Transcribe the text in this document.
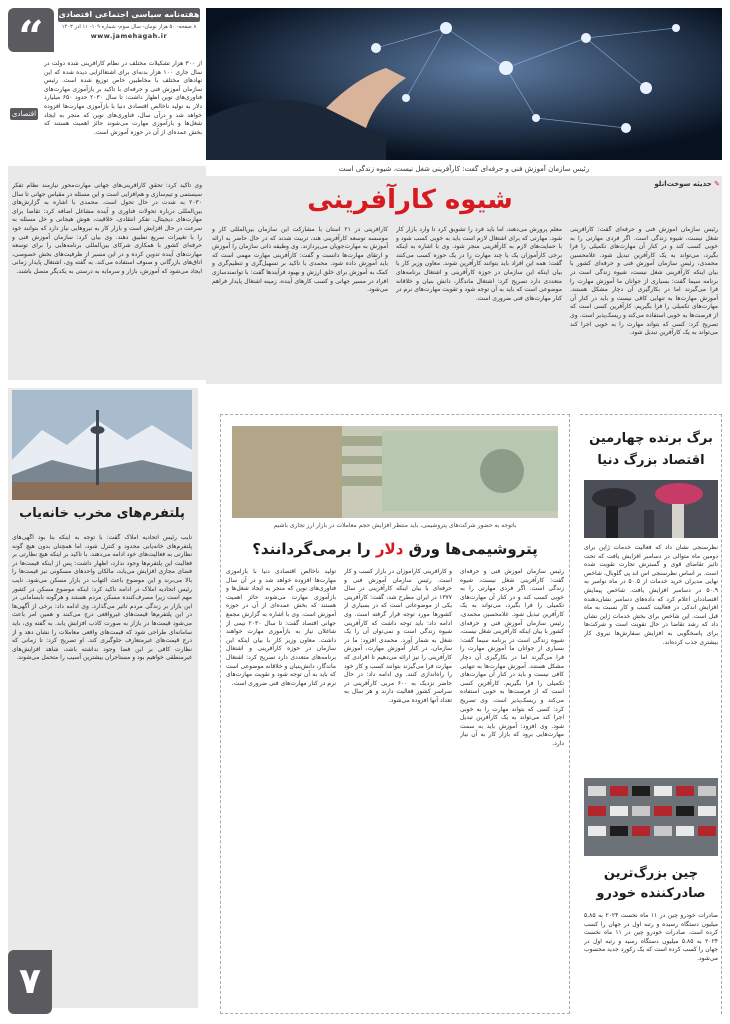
“	هفته‌نامه سیاسی اجتماعی اقتصادی
۸ صفحه- ۵۰ هزار تومان- سال سوم- شماره ۱۰۹- ۱۱ اذر ۱۴۰۳
www.jamehagah.ir
از ۳۰۰ هزار تشکیلات مختلف در نظام کارآفرینی شده دولت در سال جاری ۱۰۰ هزار بدنه‌ای برای اشتغالزایی دیده شده که این نهادهای مختلف با مخاطبین خاص توزیع شده است. رئیس سازمان آموزش فنی و حرفه‌ای با تاکید بر بازآموزی مهارت‌های فناوری‌های نوین اظهار داشت: تا سال ۲۰۳۰ حدود ۶۵۰ میلیارد دلار به تولید ناخالص اقتصادی دنیا با بازآموزی مهارت‌ها افزوده خواهد شد و درآن سال، فناوری‌های نوین که منجر به ایجاد شغل‌ها و بازآموزی مهارت می‌شوند حائز اهمیت هستند که بخش عمده‌ای از آن در حوزه آموزش است.
اقتصادی
رئیس سازمان آموزش فنی و حرفه‌ای گفت: کارآفرینی شغل نیست، شیوه زندگی است
✎ حدیثه سوخت‌انلو
شیوه کارآفرینی
رئیس سازمان آموزش فنی و حرفه‌ای گفت: کارآفرینی شغل نیست، شیوه زندگی است. اگر فردی مهارتی را به خوبی کسب کند و در کنار آن مهارت‌های تکمیلی را فرا بگیرد، می‌تواند به یک کارآفرین تبدیل شود. غلامحسین محمدی، رئیس سازمان آموزش فنی و حرفه‌ای کشور با بیان اینکه کارآفرینی شغل نیست، شیوه زندگی است در برنامه سیما گفت: بسیاری از جوانان ما آموزش مهارت را فرا می‌گیرند اما در بکارگیری آن دچار مشکل هستند. آموزش مهارت‌ها به تنهایی کافی نیست و باید در کنار آن مهارت‌های تکمیلی را فرا بگیریم. کارآفرین کسی است که از فرصت‌ها به خوبی استفاده می‌کند و ریسک‌پذیر است. وی تصریح کرد: کسی که بتواند مهارت را به خوبی اجرا کند می‌تواند به یک کارآفرین تبدیل شود.
معلم پرورش می‌دهند، اما باید فرد را تشویق کرد تا وارد بازار کار شود. مهارتی که برای اشتغال لازم است باید به خوبی کسب شود و با حمایت‌های لازم به کارآفرینی منجر شود. وی با اشاره به اینکه برخی کارآموزان یک یا چند مهارت را در یک حوزه کسب می‌کنند گفت: همه این افراد باید بتوانند کارآفرین شوند. معاون وزیر کار با بیان اینکه این سازمان در حوزه کارآفرینی و اشتغال برنامه‌های متعددی دارد تصریح کرد: اشتغال ماندگار، دانش بنیان و خلاقانه موضوعی است که باید به آن توجه شود و تقویت مهارت‌های نرم در کنار مهارت‌های فنی ضروری است.
کارآفرینی در ۲۱ استان با مشارکت این سازمان بین‌المللی کار و موسسه توسعه کارآفرینی هند، تربیت شدند که در حال حاضر به ارائه آموزش به مهارت‌جویان می‌پردازند. وی وظیفه ذاتی سازمان را آموزش و ارتقای مهارت‌ها دانست و گفت: کارآفرینی مهارت مهمی است که باید آموزش داده شود. محمدی با تاکید بر تسهیل‌گری و تنظیم‌گری و کمک به آموزش برای خلق ارزش و بهبود فرآیندها گفت: با توانمندسازی افراد در مسیر جهانی و کسب کارهای آینده، زمینه اشتغال پایدار فراهم می‌شود.
وی تاکید کرد: تحقق کارآفرینی‌های جهانی مهارت‌محور نیازمند نظام تفکر سیستمی و تیم‌سازی و هم‌افزایی است و این مسئله در مقیاس جهانی تا سال ۲۰۳۰ به شدت در حال تحول است. محمدی با اشاره به گزارش‌های بین‌المللی درباره تحولات فناوری و آینده مشاغل اضافه کرد: تقاضا برای مهارت‌های دیجیتال، تفکر انتقادی، خلاقیت، هوش هیجانی و حل مسئله به سرعت در حال افزایش است و بازار کار به نیروهایی نیاز دارد که بتوانند خود را با تغییرات سریع تطبیق دهند. وی بیان کرد: سازمان آموزش فنی و حرفه‌ای کشور با همکاری شرکای بین‌المللی برنامه‌هایی را برای توسعه مهارت‌های آینده تدوین کرده و در این مسیر از ظرفیت‌های بخش خصوصی، اتاق‌های بازرگانی و صنوف استفاده می‌کند. به گفته وی، اشتغال پایدار زمانی ایجاد می‌شود که آموزش، بازار و سرمایه به درستی به یکدیگر متصل باشند.
پلتفرم‌های مخرب خانه‌یاب
نایب رئیس اتحادیه املاک گفت: با توجه به اینکه بنا بود آگهی‌های پلتفرم‌های خانه‌یابی محدود و کنترل شود، اما همچنان بدون هیچ گونه نظارتی به فعالیت‌های خود ادامه می‌دهند. با تاکید بر اینکه هیچ نظارتی بر فعالیت این پلتفرم‌ها وجود ندارد، اظهار داشت: پس از اینکه قیمت‌ها در فضای مجازی افزایش می‌یابد، مالکان واحدهای مسکونی نیز قیمت‌ها را بالا می‌برند و این موضوع باعث التهاب در بازار مسکن می‌شود. نایب رئیس اتحادیه املاک در ادامه تاکید کرد: اینکه موضوع مسکن در کشور مهم است زیرا مصرف‌کننده مسکن مردم هستند و هرگونه نابسامانی در این بازار بر زندگی مردم تاثیر می‌گذارد. وی ادامه داد: برخی از آگهی‌ها در این پلتفرم‌ها قیمت‌های غیرواقعی درج می‌کنند و همین امر باعث می‌شود قیمت‌ها در بازار به صورت کاذب افزایش یابد. به گفته وی، باید سامانه‌ای طراحی شود که قیمت‌های واقعی معاملات را نشان دهد و از درج قیمت‌های غیرمتعارف جلوگیری کند. او تصریح کرد: تا زمانی که نظارت کافی بر این فضا وجود نداشته باشد، شاهد افزایش‌های غیرمنطقی خواهیم بود و مستاجران بیشترین آسیب را متحمل می‌شوند.
۷
باتوجه به حضور شرکت‌های پتروشیمی، باید منتظر افزایش حجم معاملات در بازار ارز تجاری باشیم
پتروشیمی‌ها ورق دلار را برمی‌گردانند؟
رئیس سازمان آموزش فنی و حرفه‌ای گفت: کارآفرینی شغل نیست، شیوه زندگی است. اگر فردی مهارتی را به خوبی کسب کند و در کنار آن مهارت‌های تکمیلی را فرا بگیرد، می‌تواند به یک کارآفرین تبدیل شود. غلامحسین محمدی، رئیس سازمان آموزش فنی و حرفه‌ای کشور با بیان اینکه کارآفرینی شغل نیست، شیوه زندگی است در برنامه سیما گفت: بسیاری از جوانان ما آموزش مهارت را فرا می‌گیرند اما در بکارگیری آن دچار مشکل هستند. آموزش مهارت‌ها به تنهایی کافی نیست و باید در کنار آن مهارت‌های تکمیلی را فرا بگیریم. کارآفرین کسی است که از فرصت‌ها به خوبی استفاده می‌کند و ریسک‌پذیر است. وی تصریح کرد: کسی که بتواند مهارت را به خوبی اجرا کند می‌تواند به یک کارآفرین تبدیل شود. وی افزود: آموزش باید به سمت مهارت‌هایی برود که بازار کار به آن نیاز دارد.
و کارآفرینی کارآموزان در بازار کسب و کار است. رئیس سازمان آموزش فنی و حرفه‌ای با بیان اینکه کارآفرینی در سال ۱۳۷۷ در ایران مطرح شد، گفت: کارآفرینی یکی از موضوعاتی است که در بسیاری از کشورها مورد توجه قرار گرفته است. وی ادامه داد: باید توجه داشت که کارآفرینی شیوه زندگی است و نمی‌توان آن را یک شغل به شمار آورد. محمدی افزود: ما در سازمان، در کنار آموزش مهارت، آموزش کارآفرینی را نیز ارائه می‌دهیم تا افرادی که مهارت فرا می‌گیرند بتوانند کسب و کار خود را راه‌اندازی کنند. وی ادامه داد: در حال حاضر نزدیک به ۶۰۰ مربی کارآفرینی در سراسر کشور فعالیت دارند و هر سال به تعداد آنها افزوده می‌شود.
تولید ناخالص اقتصادی دنیا با بازآموزی مهارت‌ها افزوده خواهد شد و در آن سال فناوری‌های نوین که منجر به ایجاد شغل‌ها و بازآموزی مهارت می‌شوند حائز اهمیت هستند که بخش عمده‌ای از آن در حوزه آموزش است. وی با اشاره به گزارش مجمع جهانی اقتصاد گفت: تا سال ۲۰۳۰ نیمی از شاغلان نیاز به بازآموزی مهارت خواهند داشت. معاون وزیر کار با بیان اینکه این سازمان در حوزه کارآفرینی و اشتغال برنامه‌های متعددی دارد تصریح کرد: اشتغال ماندگار، دانش‌بنیان و خلاقانه موضوعی است که باید به آن توجه شود و تقویت مهارت‌های نرم در کنار مهارت‌های فنی ضروری است.
برگ برنده چهارمین اقتصاد بزرگ دنیا
نظرسنجی نشان داد که فعالیت خدمات ژاپن برای دومین ماه متوالی در دسامبر افزایش یافت که تحت تاثیر تقاضای قوی و گسترش تجارت تقویت شده است. بر اساس نظرسنجی اس اند پی گلوبال، شاخص نهایی مدیران خرید خدمات از ۵۰.۵ در ماه نوامبر به ۵۰.۹ در دسامبر افزایش یافت. شاخص پیمایش اقتصاددان اعلام کرد که داده‌های دسامبر نشان‌دهنده افزایش اندکی در فعالیت کسب و کار نسبت به ماه قبل است. این شاخص برای بخش خدمات ژاپن نشان داد که رشد تقاضا در حال تقویت است و شرکت‌ها برای پاسخگویی به افزایش سفارش‌ها نیروی کار بیشتری جذب کرده‌اند.
چین بزرگ‌ترین صادرکننده خودرو
صادرات خودرو چین در ۱۱ ماه نخست ۲۰۲۴ به ۵.۸۵ میلیون دستگاه رسیده و رتبه اول در جهان را کسب کرده است. صادرات خودرو چین در ۱۱ ماه نخست ۲۰۲۴ به ۵.۸۵ میلیون دستگاه رسید و رتبه اول در جهان را کسب کرده است که یک رکورد جدید محسوب می‌شود.
